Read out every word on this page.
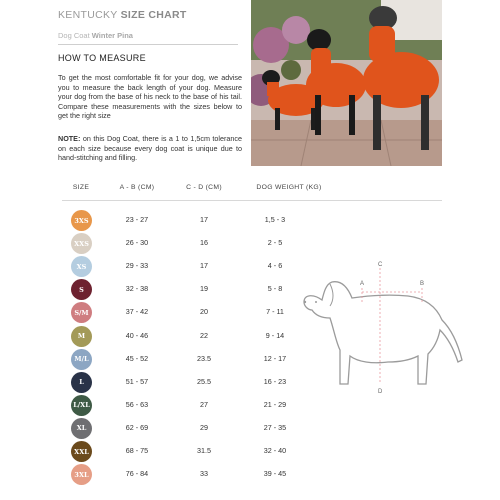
KENTUCKY SIZE CHART
Dog Coat Winter Pina
HOW TO MEASURE

To get the most comfortable fit for your dog, we advise you to measure the back length of your dog. Measure your dog from the base of his neck to the base of his tail. Compare these measurements with the sizes below to get the right size

NOTE: on this Dog Coat, there is a 1 to 1,5cm tolerance on each size because every dog coat is unique due to hand-stitching and filling.

SIZE	A - B (CM)	C - D (CM)	DOG WEIGHT (KG)
3XS	23 - 27	17	1,5 - 3
XXS	26 - 30	16	2 - 5
XS	29 - 33	17	4 - 6
S	32 - 38	19	5 - 8
S/M	37 - 42	20	7 - 11
M	40 - 46	22	9 - 14
M/L	45 - 52	23.5	12 - 17
L	51 - 57	25.5	16 - 23
L/XL	56 - 63	27	21 - 29
XL	62 - 69	29	27 - 35
XXL	68 - 75	31.5	32 - 40
3XL	76 - 84	33	39 - 45
A	B
C
D
